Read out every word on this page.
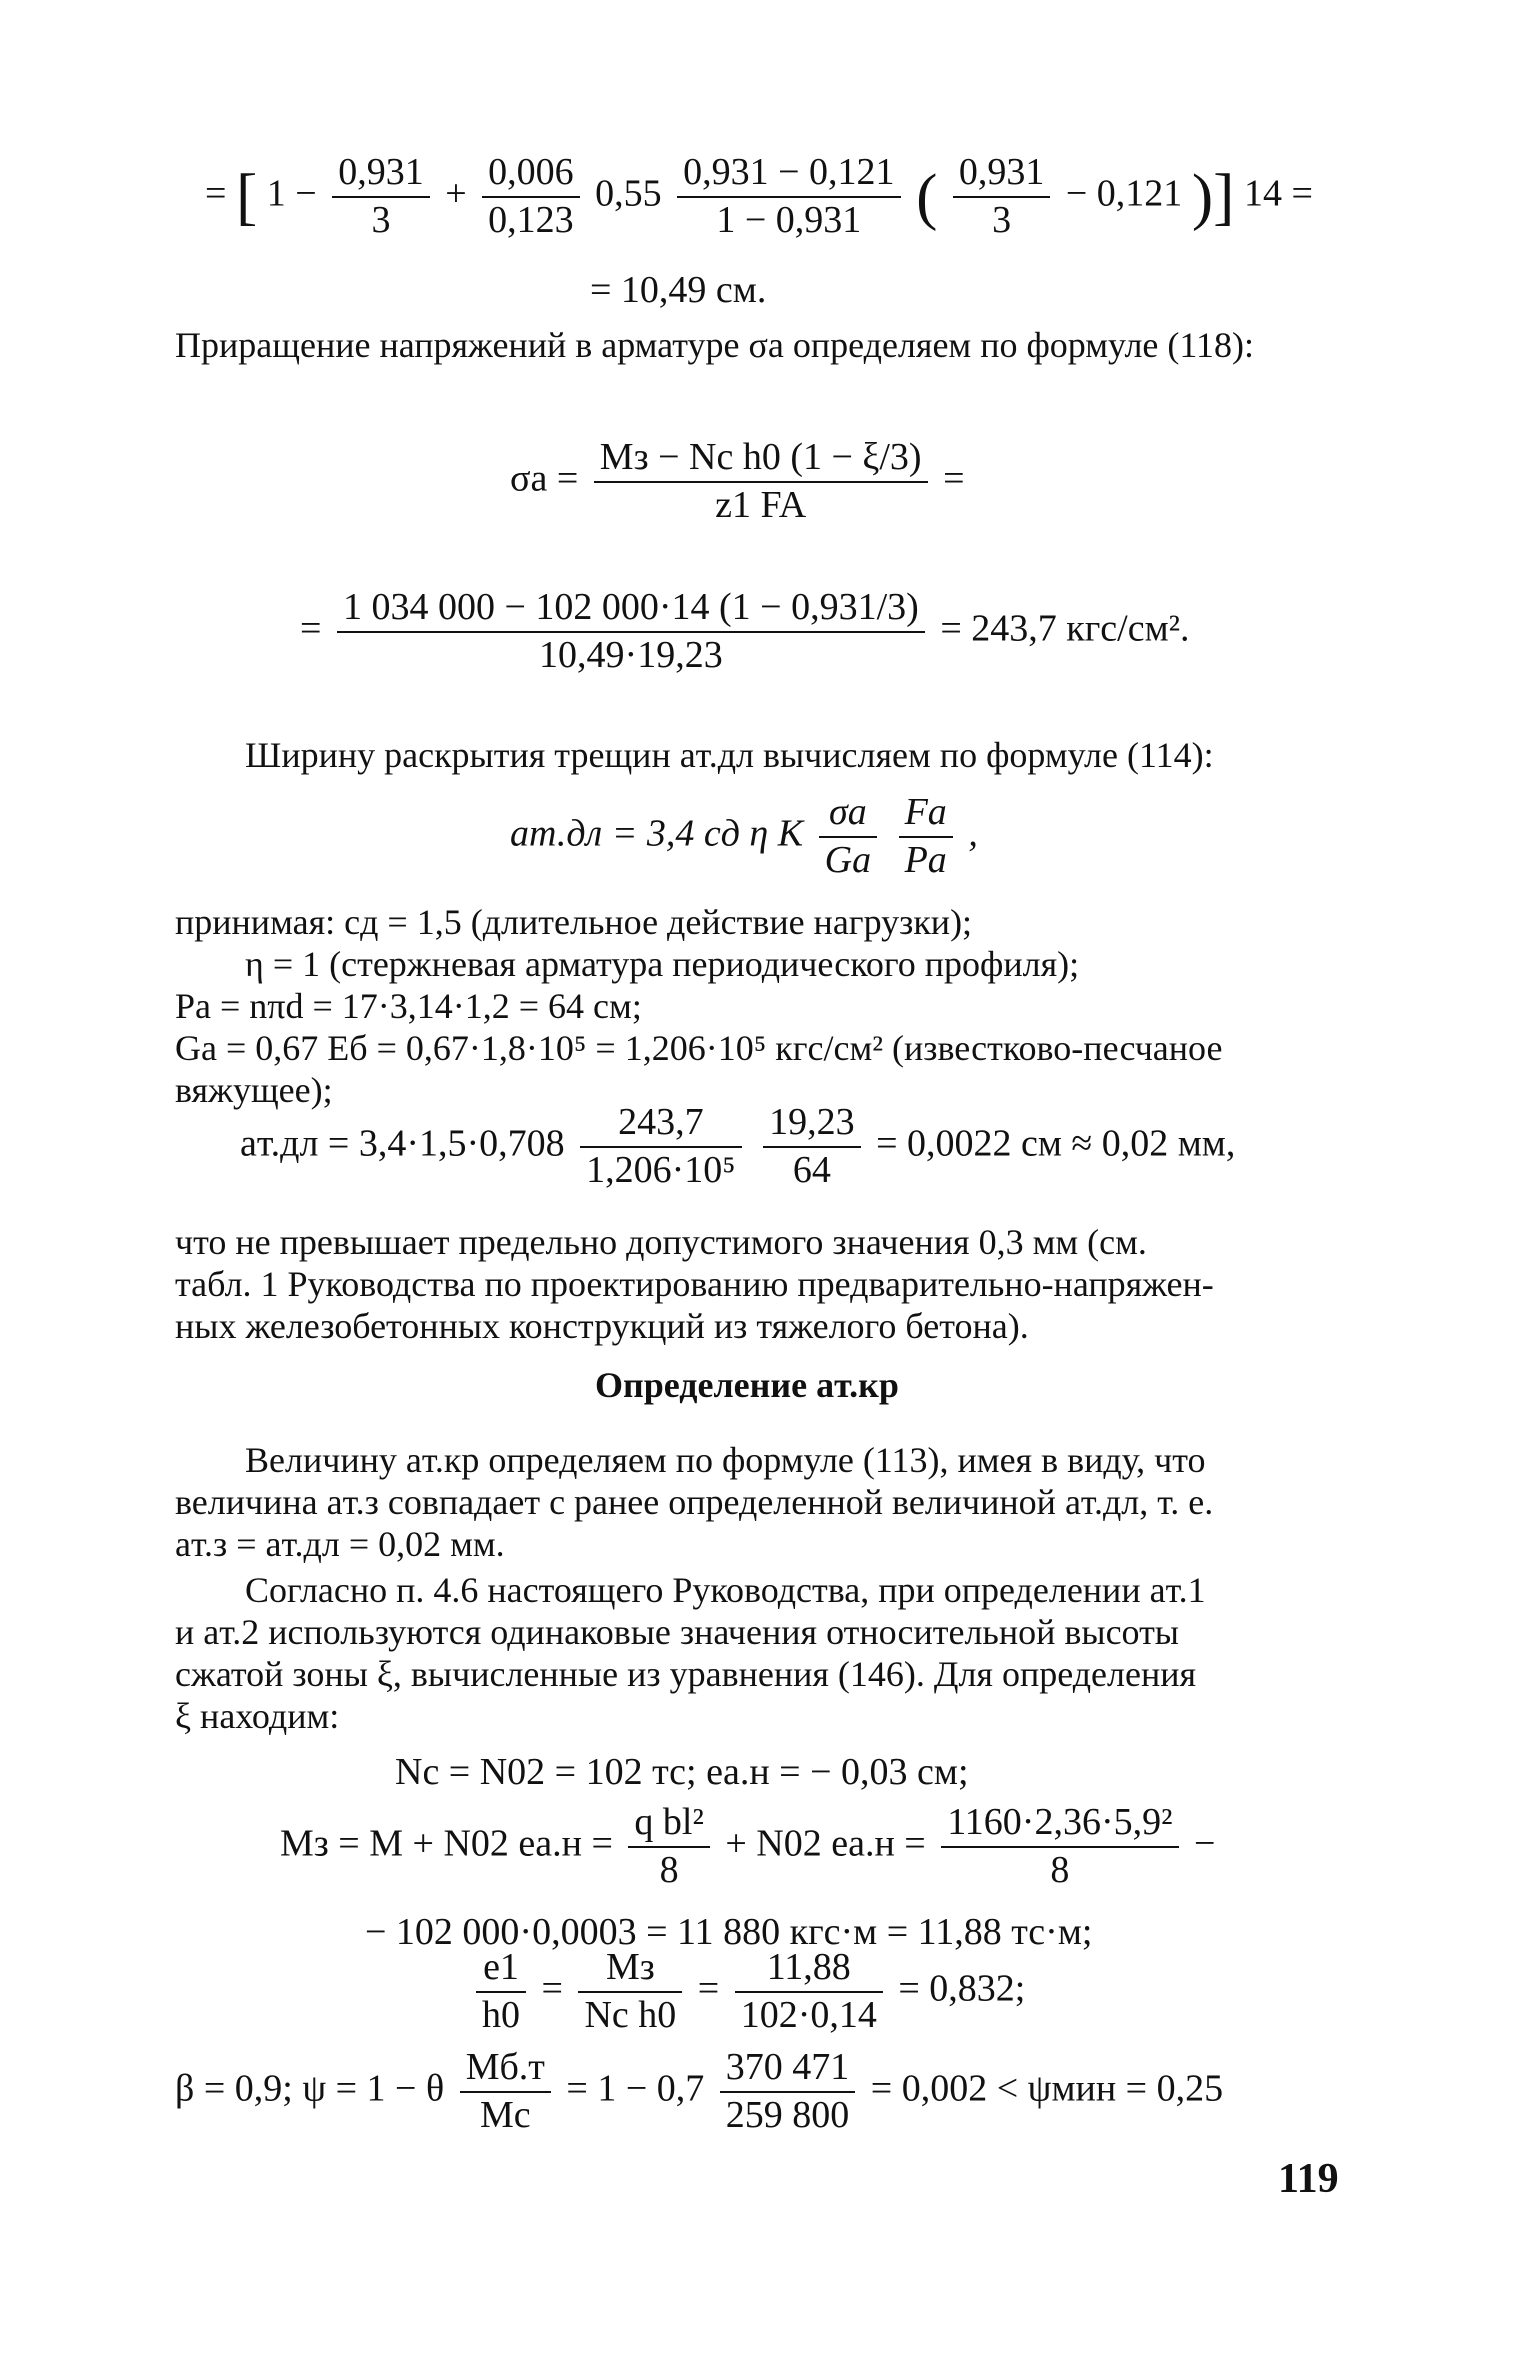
= [ $1 - \frac{0,931}{3} + \frac{0,006}{0,123} 0,55 \frac{0,931 - 0,121}{1 - 0,931}$ ( $\frac{0,931}{3} - 0,121$ )] 14 =
= 10,49 см.
Приращение напряжений в арматуре σа определяем по формуле (118):
$\sigma а = \frac{\text{Mз − Nс h0 (1 − ξ/3)}}{z1 FA}$ =
= $\frac{1 034 000 - 102 000\cdot 14 (1 - 0,931/3)}{10,49\cdot 19,23} = 243,7$ кгс/см².
Ширину раскрытия трещин aт.дл вычисляем по формуле (114):
aт.дл = 3,4 cд η K $\frac{\sigma а}{Gа}$
$\frac{Fа}{Pа}$ ,
принимая: cд = 1,5 (длительное действие нагрузки);
η = 1 (стержневая арматура периодического профиля);
Pа = nπd = 17·3,14·1,2 = 64 см;
Gа = 0,67 Eб = 0,67·1,8·10⁵ = 1,206·10⁵ кгс/см² (известково-песчаное
вяжущее);
$aт.дл = 3,4\cdot 1,5\cdot 0,708 \frac{243,7}{\text{1,206·10⁵}}$
$\frac{19,23}{64} = 0,0022$ см ≈ 0,02 мм,
что не превышает предельно допустимого значения 0,3 мм (см.
табл. 1 Руководства по проектированию предварительно-напряжен-
ных железобетонных конструкций из тяжелого бетона).
Определение aт.кр
Величину aт.кр определяем по формуле (113), имея в виду, что
величина aт.з совпадает с ранее определенной величиной aт.дл, т. е.
aт.з = aт.дл = 0,02 мм.
Согласно п. 4.6 настоящего Руководства, при определении aт.1
и aт.2 используются одинаковые значения относительной высоты
сжатой зоны ξ, вычисленные из уравнения (146). Для определения
ξ находим:
Nс = N02 = 102 тс; eа.н = − 0,03 см;
Mз = M + N02 $eа.н = \frac{\text{q bl²}}{8} + N02$ $eа.н = \frac{\text{1160·2,36·5,9²}}{8}$ −
− 102 000·0,0003 = 11 880 кгс·м = 11,88 тс·м;
$\frac{e1}{h0} = \frac{Mз}{\text{Nс h0}} = \frac{11,88}{102\cdot 0,14} = 0,832$;
β = 0,9; ψ = 1 − θ $\frac{Mб.т}{Mс} = 1 - 0,7 \frac{370 471}{259 800} = 0,002 < \psi мин = 0,25$
119
